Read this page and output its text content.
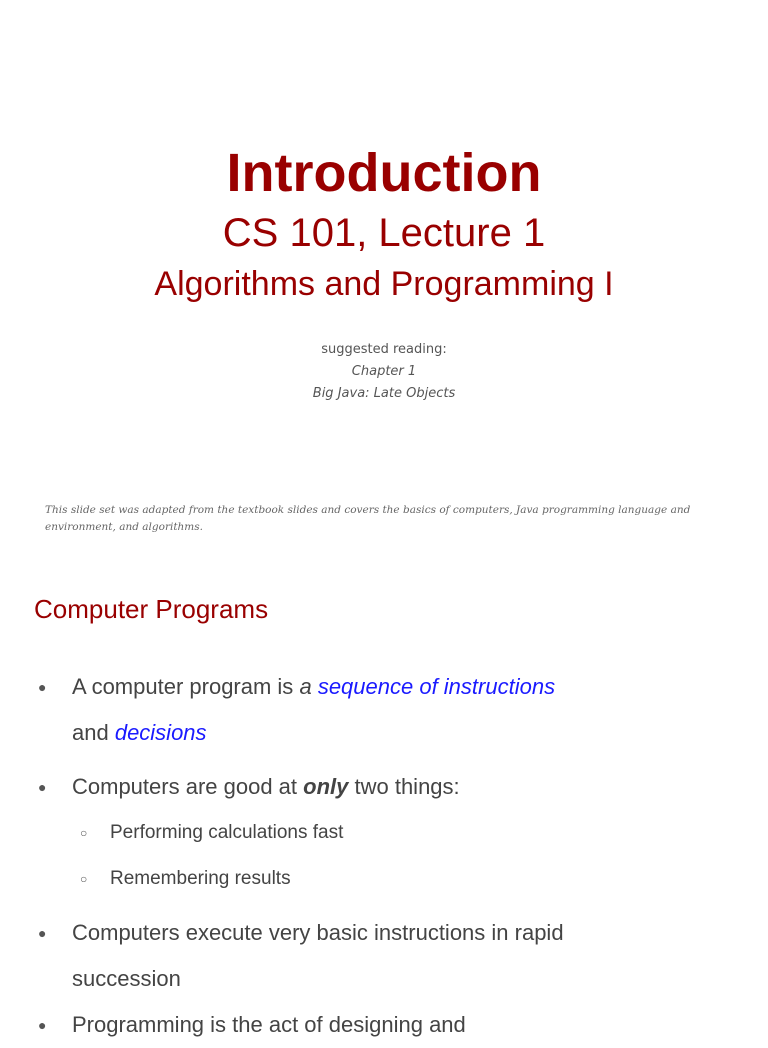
Introduction
CS 101, Lecture 1
Algorithms and Programming I
suggested reading:
Chapter 1
Big Java: Late Objects
This slide set was adapted from the textbook slides and covers the basics of computers, Java programming language and environment, and algorithms.
Computer Programs
● A computer program is a sequence of instructions
and decisions
● Computers are good at only two things:
○ Performing calculations fast
○ Remembering results
● Computers execute very basic instructions in rapid
succession
● Programming is the act of designing and
